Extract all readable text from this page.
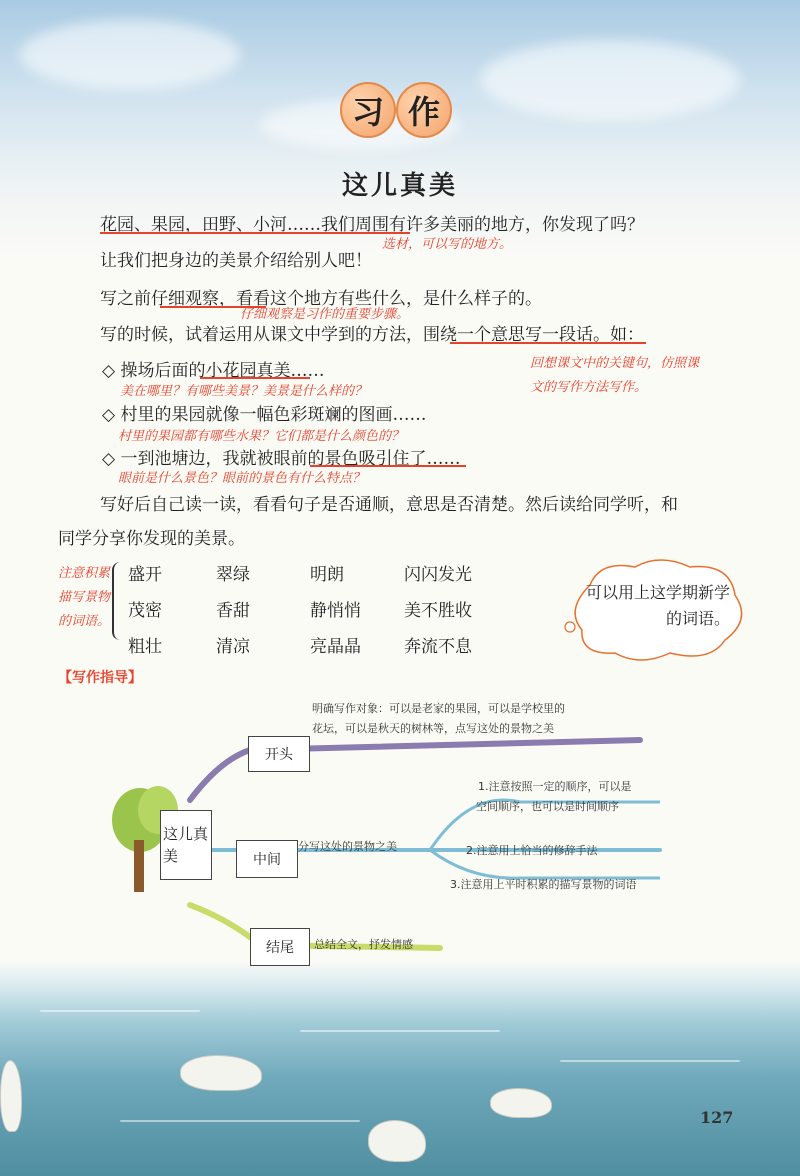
习 作
这儿真美
花园、果园，田野、小河……我们周围有许多美丽的地方，你发现了吗？
选材，可以写的地方。
让我们把身边的美景介绍给别人吧！
写之前仔细观察，看看这个地方有些什么，是什么样子的。
仔细观察是习作的重要步骤。
写的时候，试着运用从课文中学到的方法，围绕一个意思写一段话。如：
◇ 操场后面的小花园真美……
美在哪里？有哪些美景？美景是什么样的？
◇ 村里的果园就像一幅色彩斑斓的图画……
村里的果园都有哪些水果？它们都是什么颜色的？
◇ 一到池塘边，我就被眼前的景色吸引住了……
眼前是什么景色？眼前的景色有什么特点？
回想课文中的关键句，仿照课文的写作方法写作。
写好后自己读一读，看看句子是否通顺，意思是否清楚。然后读给同学听，和
同学分享你发现的美景。
注意积累描写景物的词语。
盛开	翠绿	明朗	闪闪发光
茂密	香甜	静悄悄	美不胜收
粗壮	清凉	亮晶晶	奔流不息
可以用上这学期新学的词语。
【写作指导】
这儿真美
开头
中间
结尾
明确写作对象：可以是老家的果园，可以是学校里的
花坛，可以是秋天的树林等，点写这处的景物之美
分写这处的景物之美
1.注意按照一定的顺序，可以是
空间顺序，也可以是时间顺序
2.注意用上恰当的修辞手法
3.注意用上平时积累的描写景物的词语
总结全文，抒发情感
127
